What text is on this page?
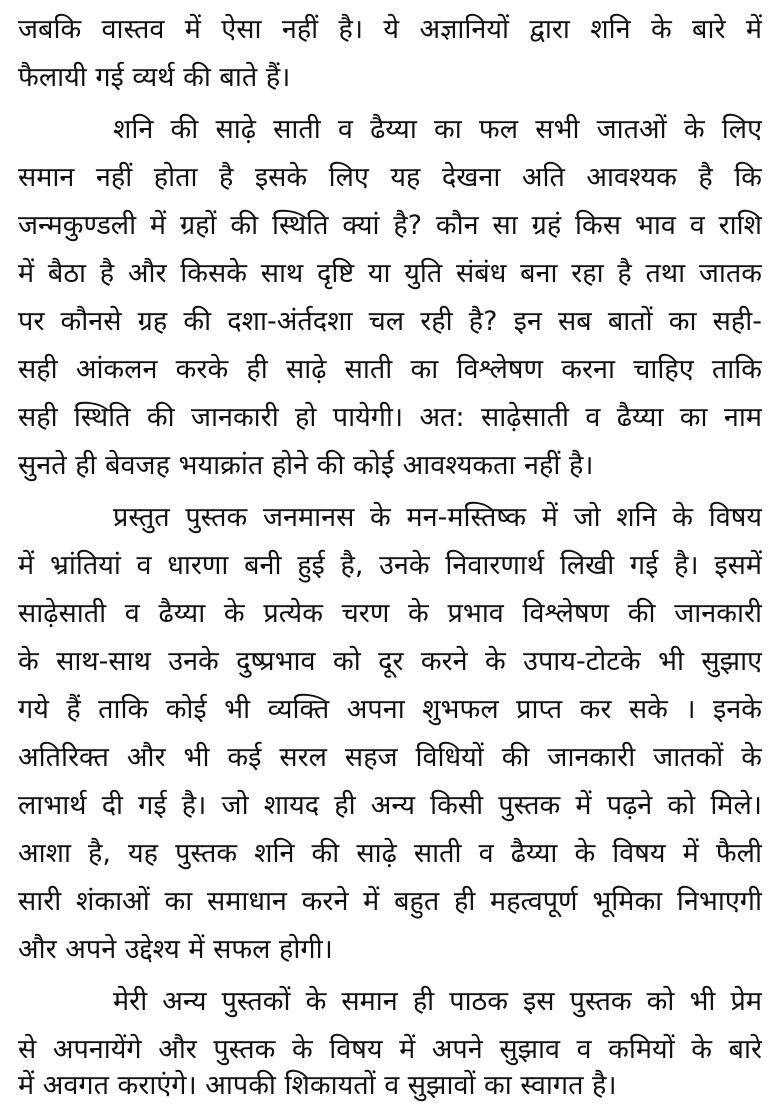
जबकि वास्तव में ऐसा नहीं है। ये अज्ञानियों द्वारा शनि के बारे में
फैलायी गई व्यर्थ की बाते हैं।
शनि की साढ़े साती व ढैय्या का फल सभी जातओं के लिए
समान नहीं होता है इसके लिए यह देखना अति आवश्यक है कि
जन्मकुण्डली में ग्रहों की स्थिति क्यां है? कौन सा ग्रहं किस भाव व राशि
में बैठा है और किसके साथ दृष्टि या युति संबंध बना रहा है तथा जातक
पर कौनसे ग्रह की दशा-अंर्तदशा चल रही है? इन सब बातों का सही-
सही आंकलन करके ही साढ़े साती का विश्लेषण करना चाहिए ताकि
सही स्थिति की जानकारी हो पायेगी। अत: साढ़ेसाती व ढैय्या का नाम
सुनते ही बेवजह भयाक्रांत होने की कोई आवश्यकता नहीं है।
प्रस्तुत पुस्तक जनमानस के मन-मस्तिष्क में जो शनि के विषय
में भ्रांतियां व धारणा बनी हुई है, उनके निवारणार्थ लिखी गई है। इसमें
साढ़ेसाती व ढैय्या के प्रत्येक चरण के प्रभाव विश्लेषण की जानकारी
के साथ-साथ उनके दुष्प्रभाव को दूर करने के उपाय-टोटके भी सुझाए
गये हैं ताकि कोई भी व्यक्ति अपना शुभफल प्राप्त कर सके । इनके
अतिरिक्त और भी कई सरल सहज विधियों की जानकारी जातकों के
लाभार्थ दी गई है। जो शायद ही अन्य किसी पुस्तक में पढ़ने को मिले।
आशा है, यह पुस्तक शनि की साढ़े साती व ढैय्या के विषय में फैली
सारी शंकाओं का समाधान करने में बहुत ही महत्वपूर्ण भूमिका निभाएगी
और अपने उद्देश्य में सफल होगी।
मेरी अन्य पुस्तकों के समान ही पाठक इस पुस्तक को भी प्रेम
से अपनायेंगे और पुस्तक के विषय में अपने सुझाव व कमियों के बारे
में अवगत कराएंगे। आपकी शिकायतों व सुझावों का स्वागत है।
